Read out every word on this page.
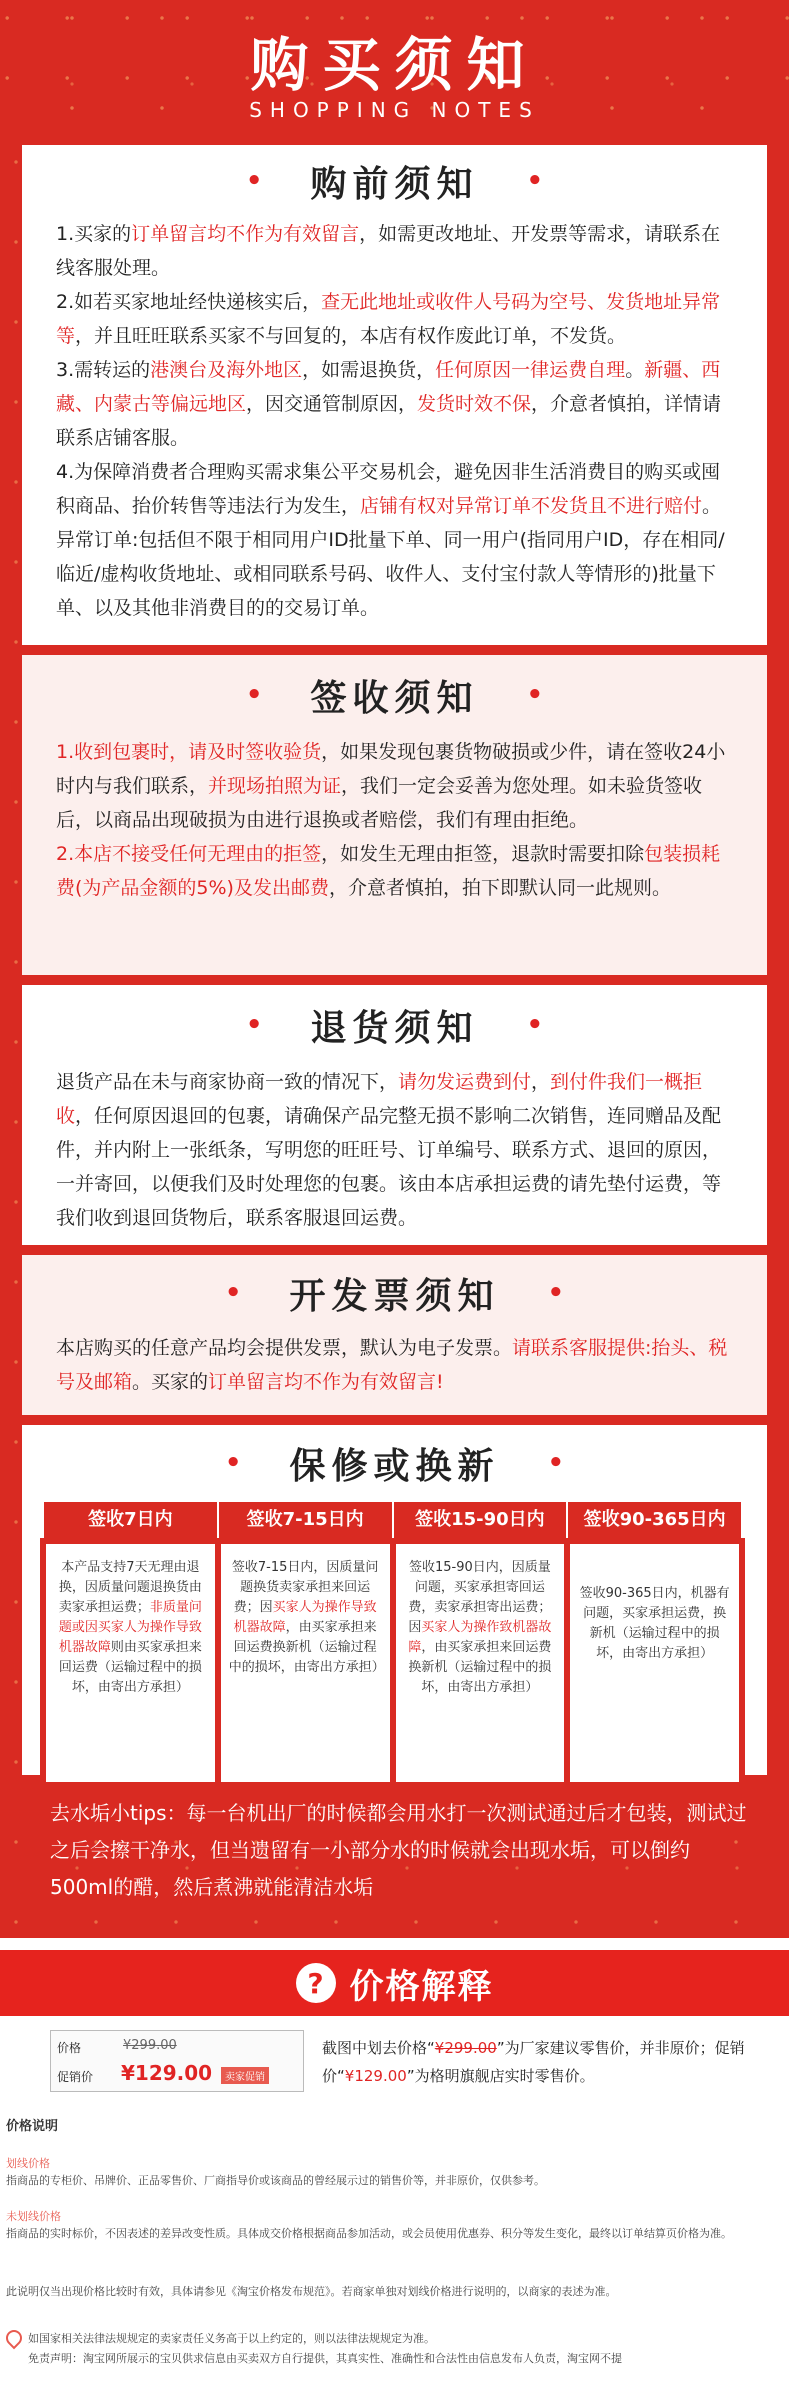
购买须知
SHOPPING NOTES
• 购前须知 •

1.买家的订单留言均不作为有效留言，如需更改地址、开发票等需求，请联系在线客服处理。

2.如若买家地址经快递核实后，查无此地址或收件人号码为空号、发货地址异常等，并且旺旺联系买家不与回复的，本店有权作废此订单，不发货。

3.需转运的港澳台及海外地区，如需退换货，任何原因一律运费自理。新疆、西藏、内蒙古等偏远地区，因交通管制原因，发货时效不保，介意者慎拍，详情请联系店铺客服。

4.为保障消费者合理购买需求集公平交易机会，避免因非生活消费目的购买或囤积商品、抬价转售等违法行为发生，店铺有权对异常订单不发货且不进行赔付。

异常订单:包括但不限于相同用户ID批量下单、同一用户(指同用户ID，存在相同/临近/虚构收货地址、或相同联系号码、收件人、支付宝付款人等情形的)批量下单、以及其他非消费目的的交易订单。

• 签收须知 •

1.收到包裹时，请及时签收验货，如果发现包裹货物破损或少件，请在签收24小时内与我们联系，并现场拍照为证，我们一定会妥善为您处理。如未验货签收后，以商品出现破损为由进行退换或者赔偿，我们有理由拒绝。

2.本店不接受任何无理由的拒签，如发生无理由拒签，退款时需要扣除包装损耗费(为产品金额的5%)及发出邮费，介意者慎拍，拍下即默认同一此规则。

• 退货须知 •

退货产品在未与商家协商一致的情况下，请勿发运费到付，到付件我们一概拒收，任何原因退回的包裹，请确保产品完整无损不影响二次销售，连同赠品及配件，并内附上一张纸条，写明您的旺旺号、订单编号、联系方式、退回的原因，一并寄回，以便我们及时处理您的包裹。该由本店承担运费的请先垫付运费，等我们收到退回货物后，联系客服退回运费。

• 开发票须知 •

本店购买的任意产品均会提供发票，默认为电子发票。请联系客服提供:抬头、税号及邮箱。买家的订单留言均不作为有效留言!

• 保修或换新 •
签收7日内	签收7-15日内	签收15-90日内	签收90-365日内
本产品支持7天无理由退换，因质量问题退换货由卖家承担运费；非质量问题或因买家人为操作导致机器故障则由买家承担来回运费（运输过程中的损坏，由寄出方承担）	签收7-15日内，因质量问题换货卖家承担来回运费；因买家人为操作导致机器故障，由买家承担来回运费换新机（运输过程中的损坏，由寄出方承担）	签收15-90日内，因质量问题，买家承担寄回运费，卖家承担寄出运费；因买家人为操作致机器故障，由买家承担来回运费换新机（运输过程中的损坏，由寄出方承担）	签收90-365日内，机器有问题，买家承担运费，换新机（运输过程中的损坏，由寄出方承担）
去水垢小tips：每一台机出厂的时候都会用水打一次测试通过后才包装，测试过之后会擦干净水，但当遗留有一小部分水的时候就会出现水垢，可以倒约500ml的醋，然后煮沸就能清洁水垢
? 价格解释
价格	¥299.00
促销价 ¥129.00	卖家促销
截图中划去价格“¥299.00”为厂家建议零售价，并非原价；促销价“¥129.00”为格明旗舰店实时零售价。
价格说明
划线价格
指商品的专柜价、吊牌价、正品零售价、厂商指导价或该商品的曾经展示过的销售价等，并非原价，仅供参考。
未划线价格
指商品的实时标价，不因表述的差异改变性质。具体成交价格根据商品参加活动，或会员使用优惠券、积分等发生变化，最终以订单结算页价格为准。
此说明仅当出现价格比较时有效，具体请参见《淘宝价格发布规范》。若商家单独对划线价格进行说明的，以商家的表述为准。
如国家相关法律法规规定的卖家责任义务高于以上约定的，则以法律法规规定为准。
免责声明：淘宝网所展示的宝贝供求信息由买卖双方自行提供，其真实性、准确性和合法性由信息发布人负责，淘宝网不提
